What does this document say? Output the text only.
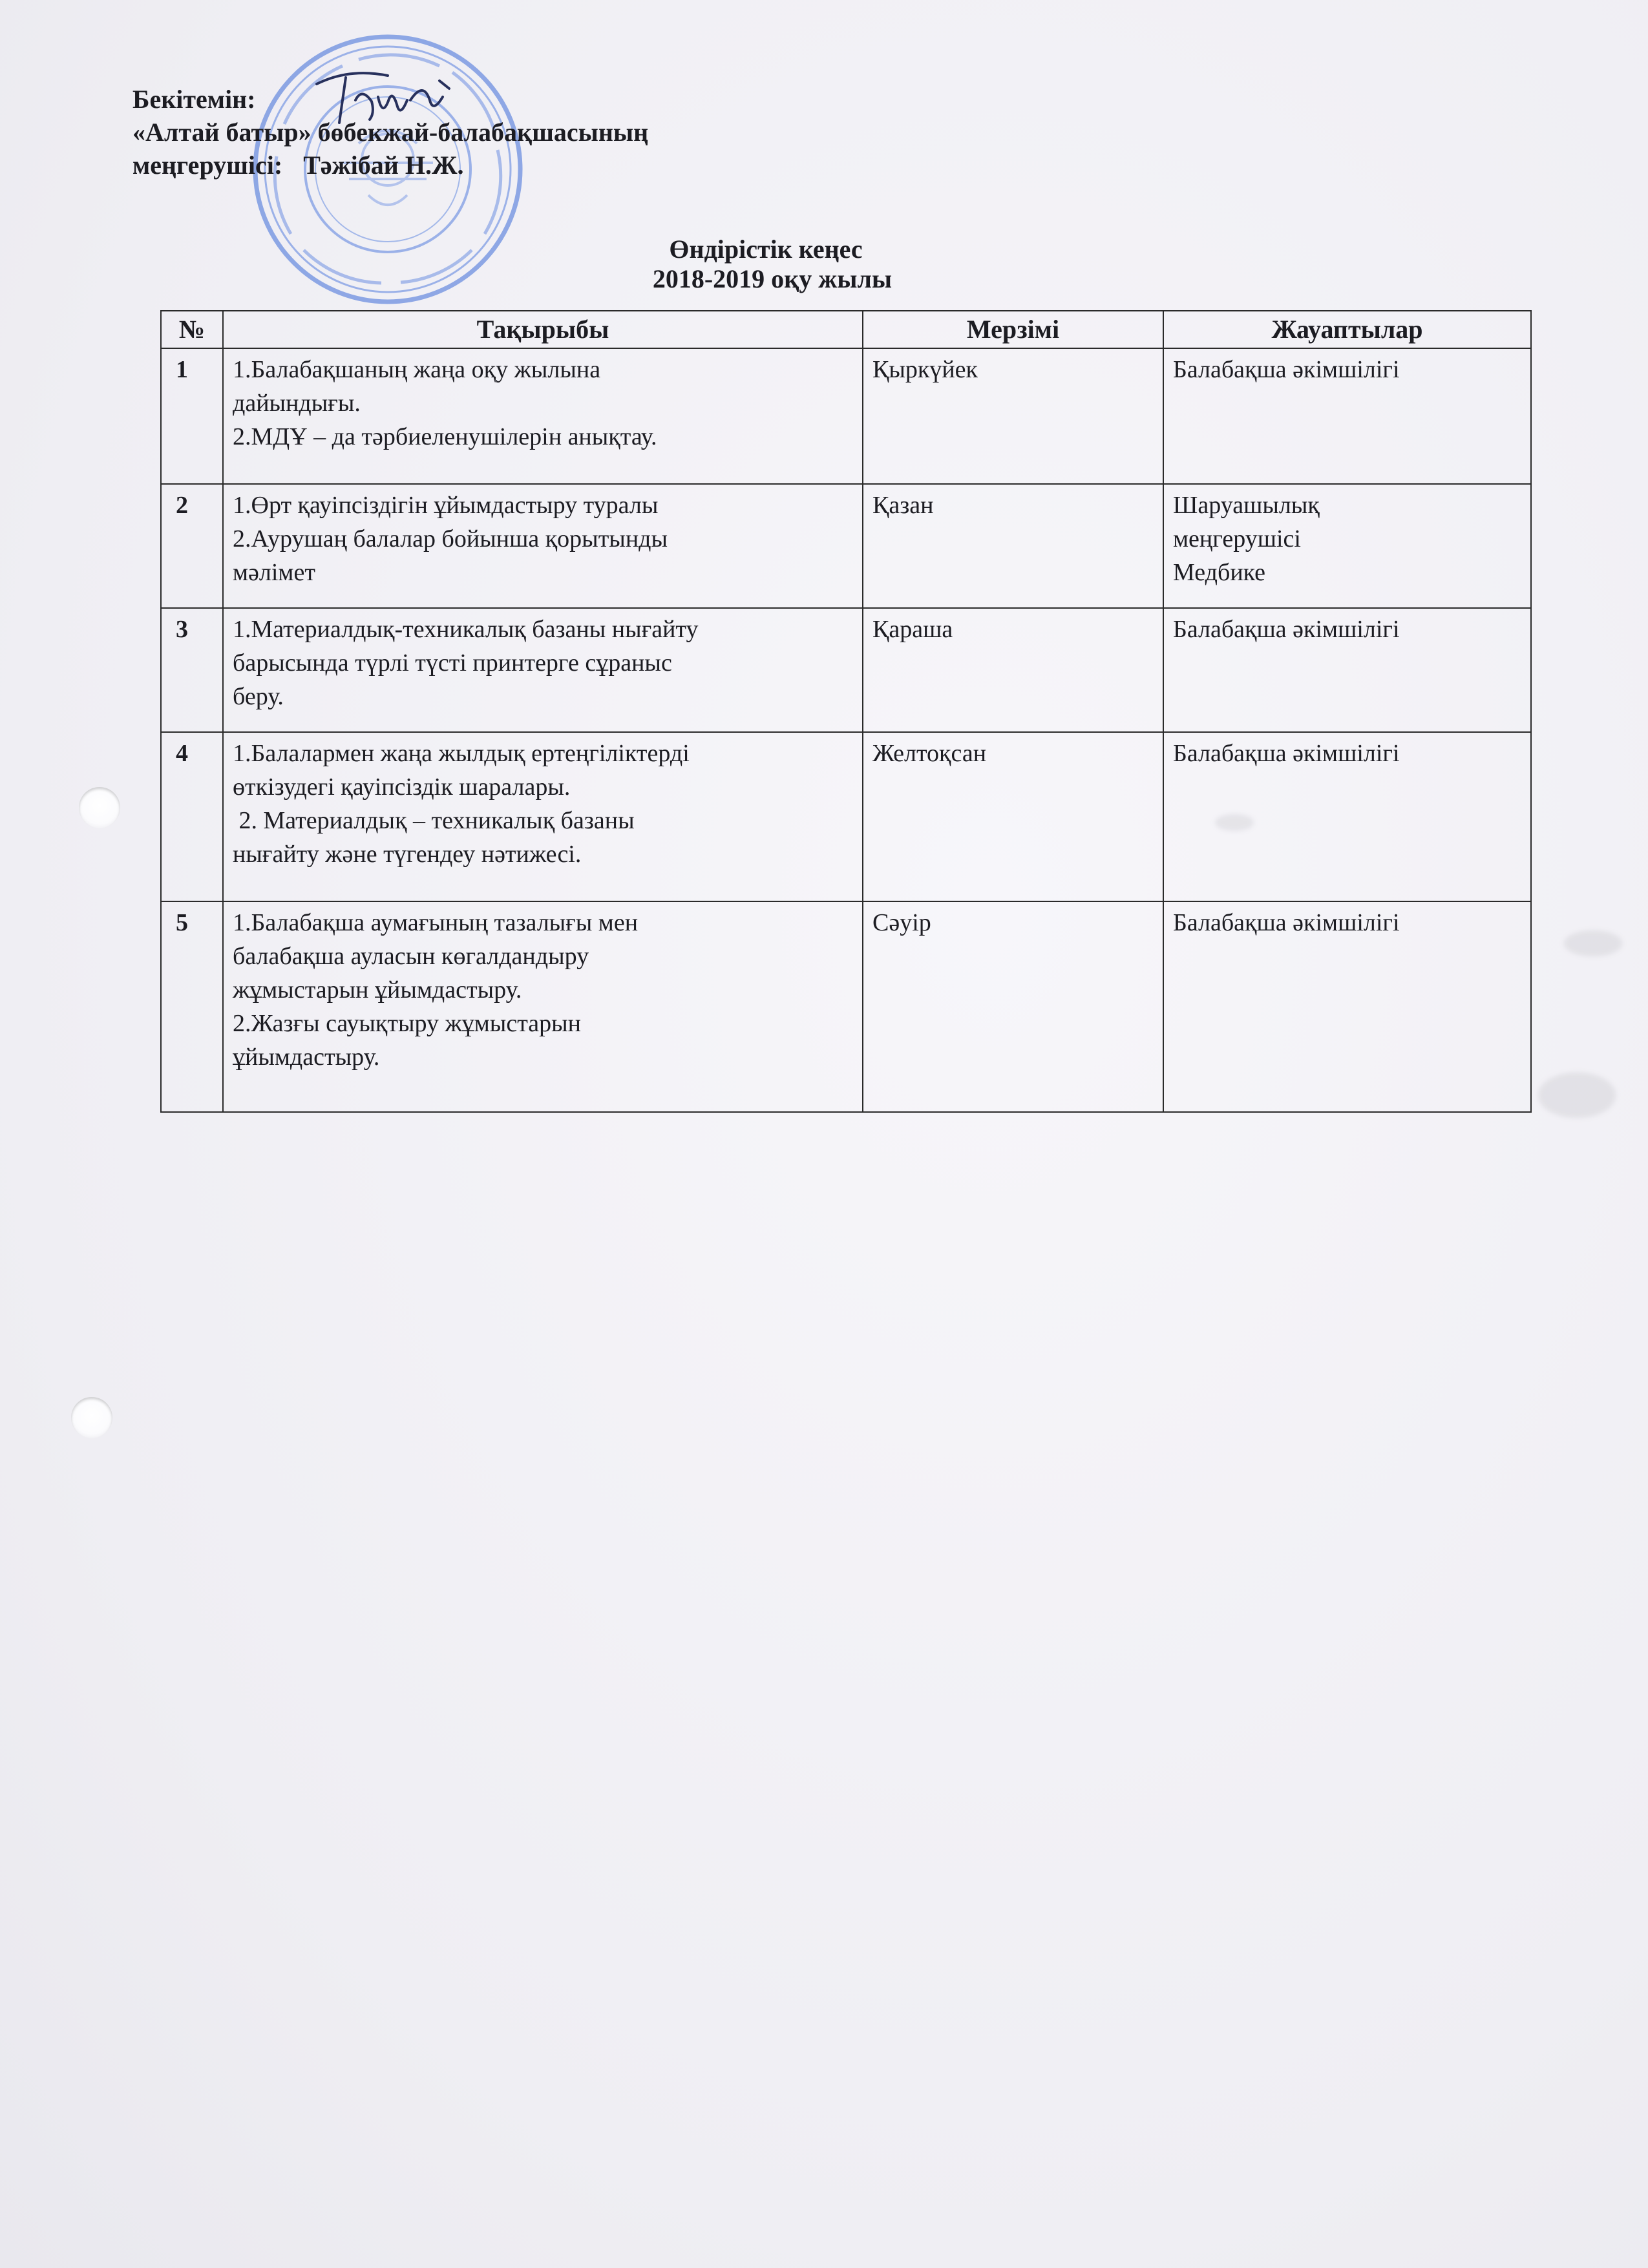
Бекітемін:
«Алтай батыр» бөбекжай-балабақшасының
меңгерушісі: Тәжібай Н.Ж.
Өндірістік кеңес
2018-2019 оқу жылы
№	Тақырыбы	Мерзімі	Жауаптылар
1	1.Балабақшаның жаңа оқу жылына
дайындығы.
2.МДҰ – да тәрбиеленушілерін анықтау.	Қыркүйек	Балабақша әкімшілігі

2	1.Өрт қауіпсіздігін ұйымдастыру туралы
2.Аурушаң балалар бойынша қорытынды
мәлімет	Қазан	Шаруашылық
меңгерушісі
Медбике

3	1.Материалдық-техникалық базаны нығайту
барысында түрлі түсті принтерге сұраныс
беру.	Қараша	Балабақша әкімшілігі

4	1.Балалармен жаңа жылдық ертеңгіліктерді
өткізудегі қауіпсіздік шаралары.
2. Материалдық – техникалық базаны
нығайту және түгендеу нәтижесі.	Желтоқсан	Балабақша әкімшілігі

5	1.Балабақша аумағының тазалығы мен
балабақша ауласын көгалдандыру
жұмыстарын ұйымдастыру.
2.Жазғы сауықтыру жұмыстарын
ұйымдастыру.	Сәуір	Балабақша әкімшілігі
